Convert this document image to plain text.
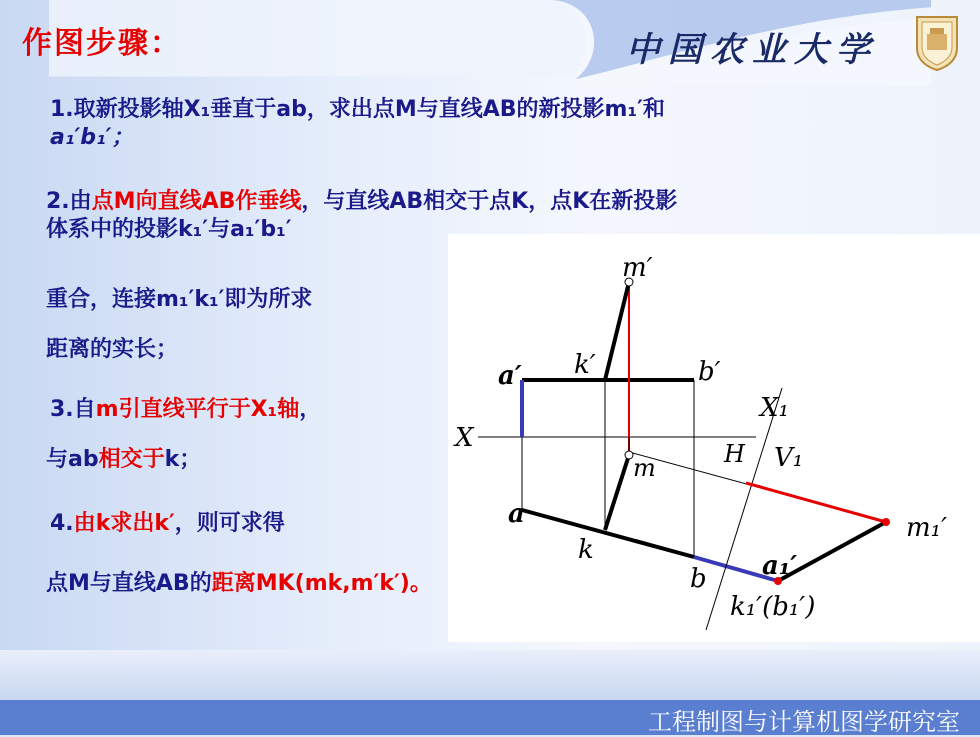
作图步骤：	中国农业大学
1.取新投影轴X₁垂直于ab，求出点M与直线AB的新投影m₁′和
a₁′b₁′；
2.由点M向直线AB作垂线，与直线AB相交于点K，点K在新投影
体系中的投影k₁′与a₁′b₁′
重合，连接m₁′k₁′即为所求
距离的实长；
3.自m引直线平行于X₁轴，
与ab相交于k；
4.由k求出k′，则可求得
点M与直线AB的距离MK(mk,m′k′)。
m′
a′ k′	b′
X₁
X
H V₁
m
a
k
b
m₁′
a₁′
k₁′(b₁′)
工程制图与计算机图学研究室
